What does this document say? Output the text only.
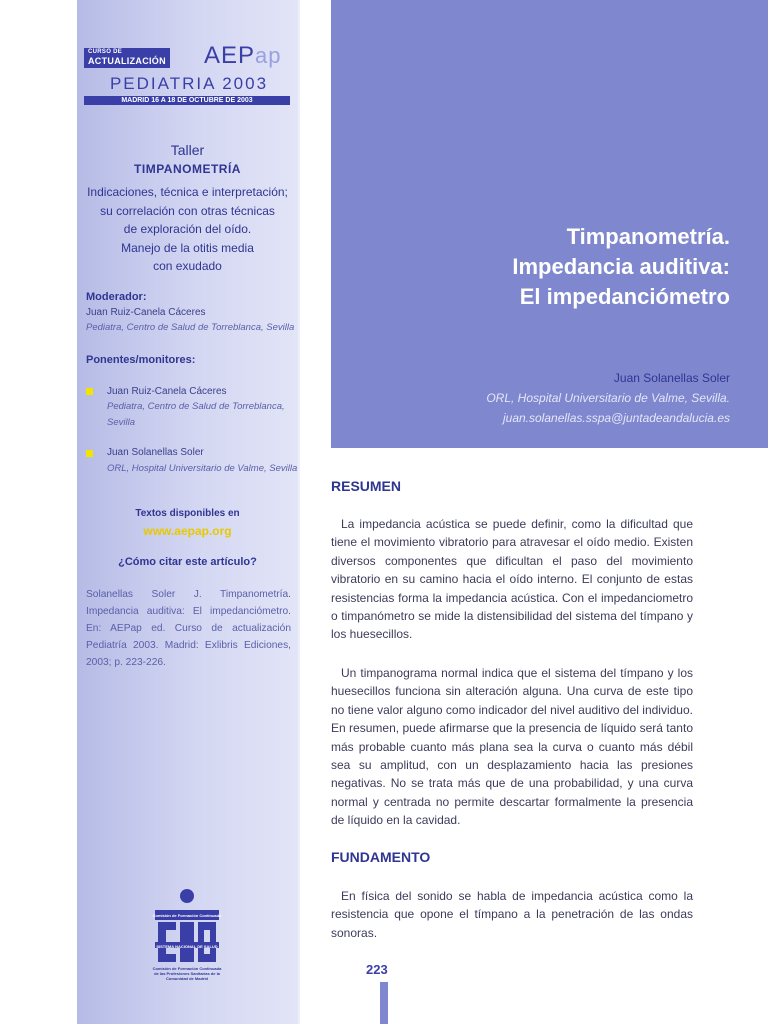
CURSO DE
ACTUALIZACIÓN AEPap
PEDIATRIA 2003
MADRID 16 A 18 DE OCTUBRE DE 2003
Taller
TIMPANOMETRÍA
Indicaciones, técnica e interpretación;
su correlación con otras técnicas
de exploración del oído.
Manejo de la otitis media
con exudado
Moderador:
Juan Ruiz-Canela Cáceres
Pediatra, Centro de Salud de Torreblanca, Sevilla
Ponentes/monitores:
Juan Ruiz-Canela Cáceres
Pediatra, Centro de Salud de Torreblanca,
Sevilla
Juan Solanellas Soler
ORL, Hospital Universitario de Valme, Sevilla
Textos disponibles en
www.aepap.org
¿Cómo citar este artículo?
Solanellas Soler J. Timpanometría. Impedancia auditiva: El impedanciómetro. En: AEPap ed. Curso de actualización Pediatría 2003. Madrid: Exlibris Ediciones, 2003; p. 223-226.
Comisión de Formación Continuada
SISTEMA NACIONAL DE SALUD
Comisión de Formación Continuada de las Profesiones Sanitarias de la Comunidad de Madrid
Timpanometría.
Impedancia auditiva:
El impedanciómetro
Juan Solanellas Soler
ORL, Hospital Universitario de Valme, Sevilla.
juan.solanellas.sspa@juntadeandalucia.es
RESUMEN
La impedancia acústica se puede definir, como la dificultad que tiene el movimiento vibratorio para atravesar el oído medio. Existen diversos componentes que dificultan el paso del movimiento vibratorio en su camino hacia el oído interno. El conjunto de estas resistencias forma la impedancia acústica. Con el impedanciometro o timpanómetro se mide la distensibilidad del sistema del tímpano y los huesecillos.
Un timpanograma normal indica que el sistema del tímpano y los huesecillos funciona sin alteración alguna. Una curva de este tipo no tiene valor alguno como indicador del nivel auditivo del individuo. En resumen, puede afirmarse que la presencia de líquido será tanto más probable cuanto más plana sea la curva o cuanto más débil sea su amplitud, con un desplazamiento hacia las presiones negativas. No se trata más que de una probabilidad, y una curva normal y centrada no permite descartar formalmente la presencia de líquido en la cavidad.
FUNDAMENTO
En física del sonido se habla de impedancia acústica como la resistencia que opone el tímpano a la penetración de las ondas sonoras.
223
